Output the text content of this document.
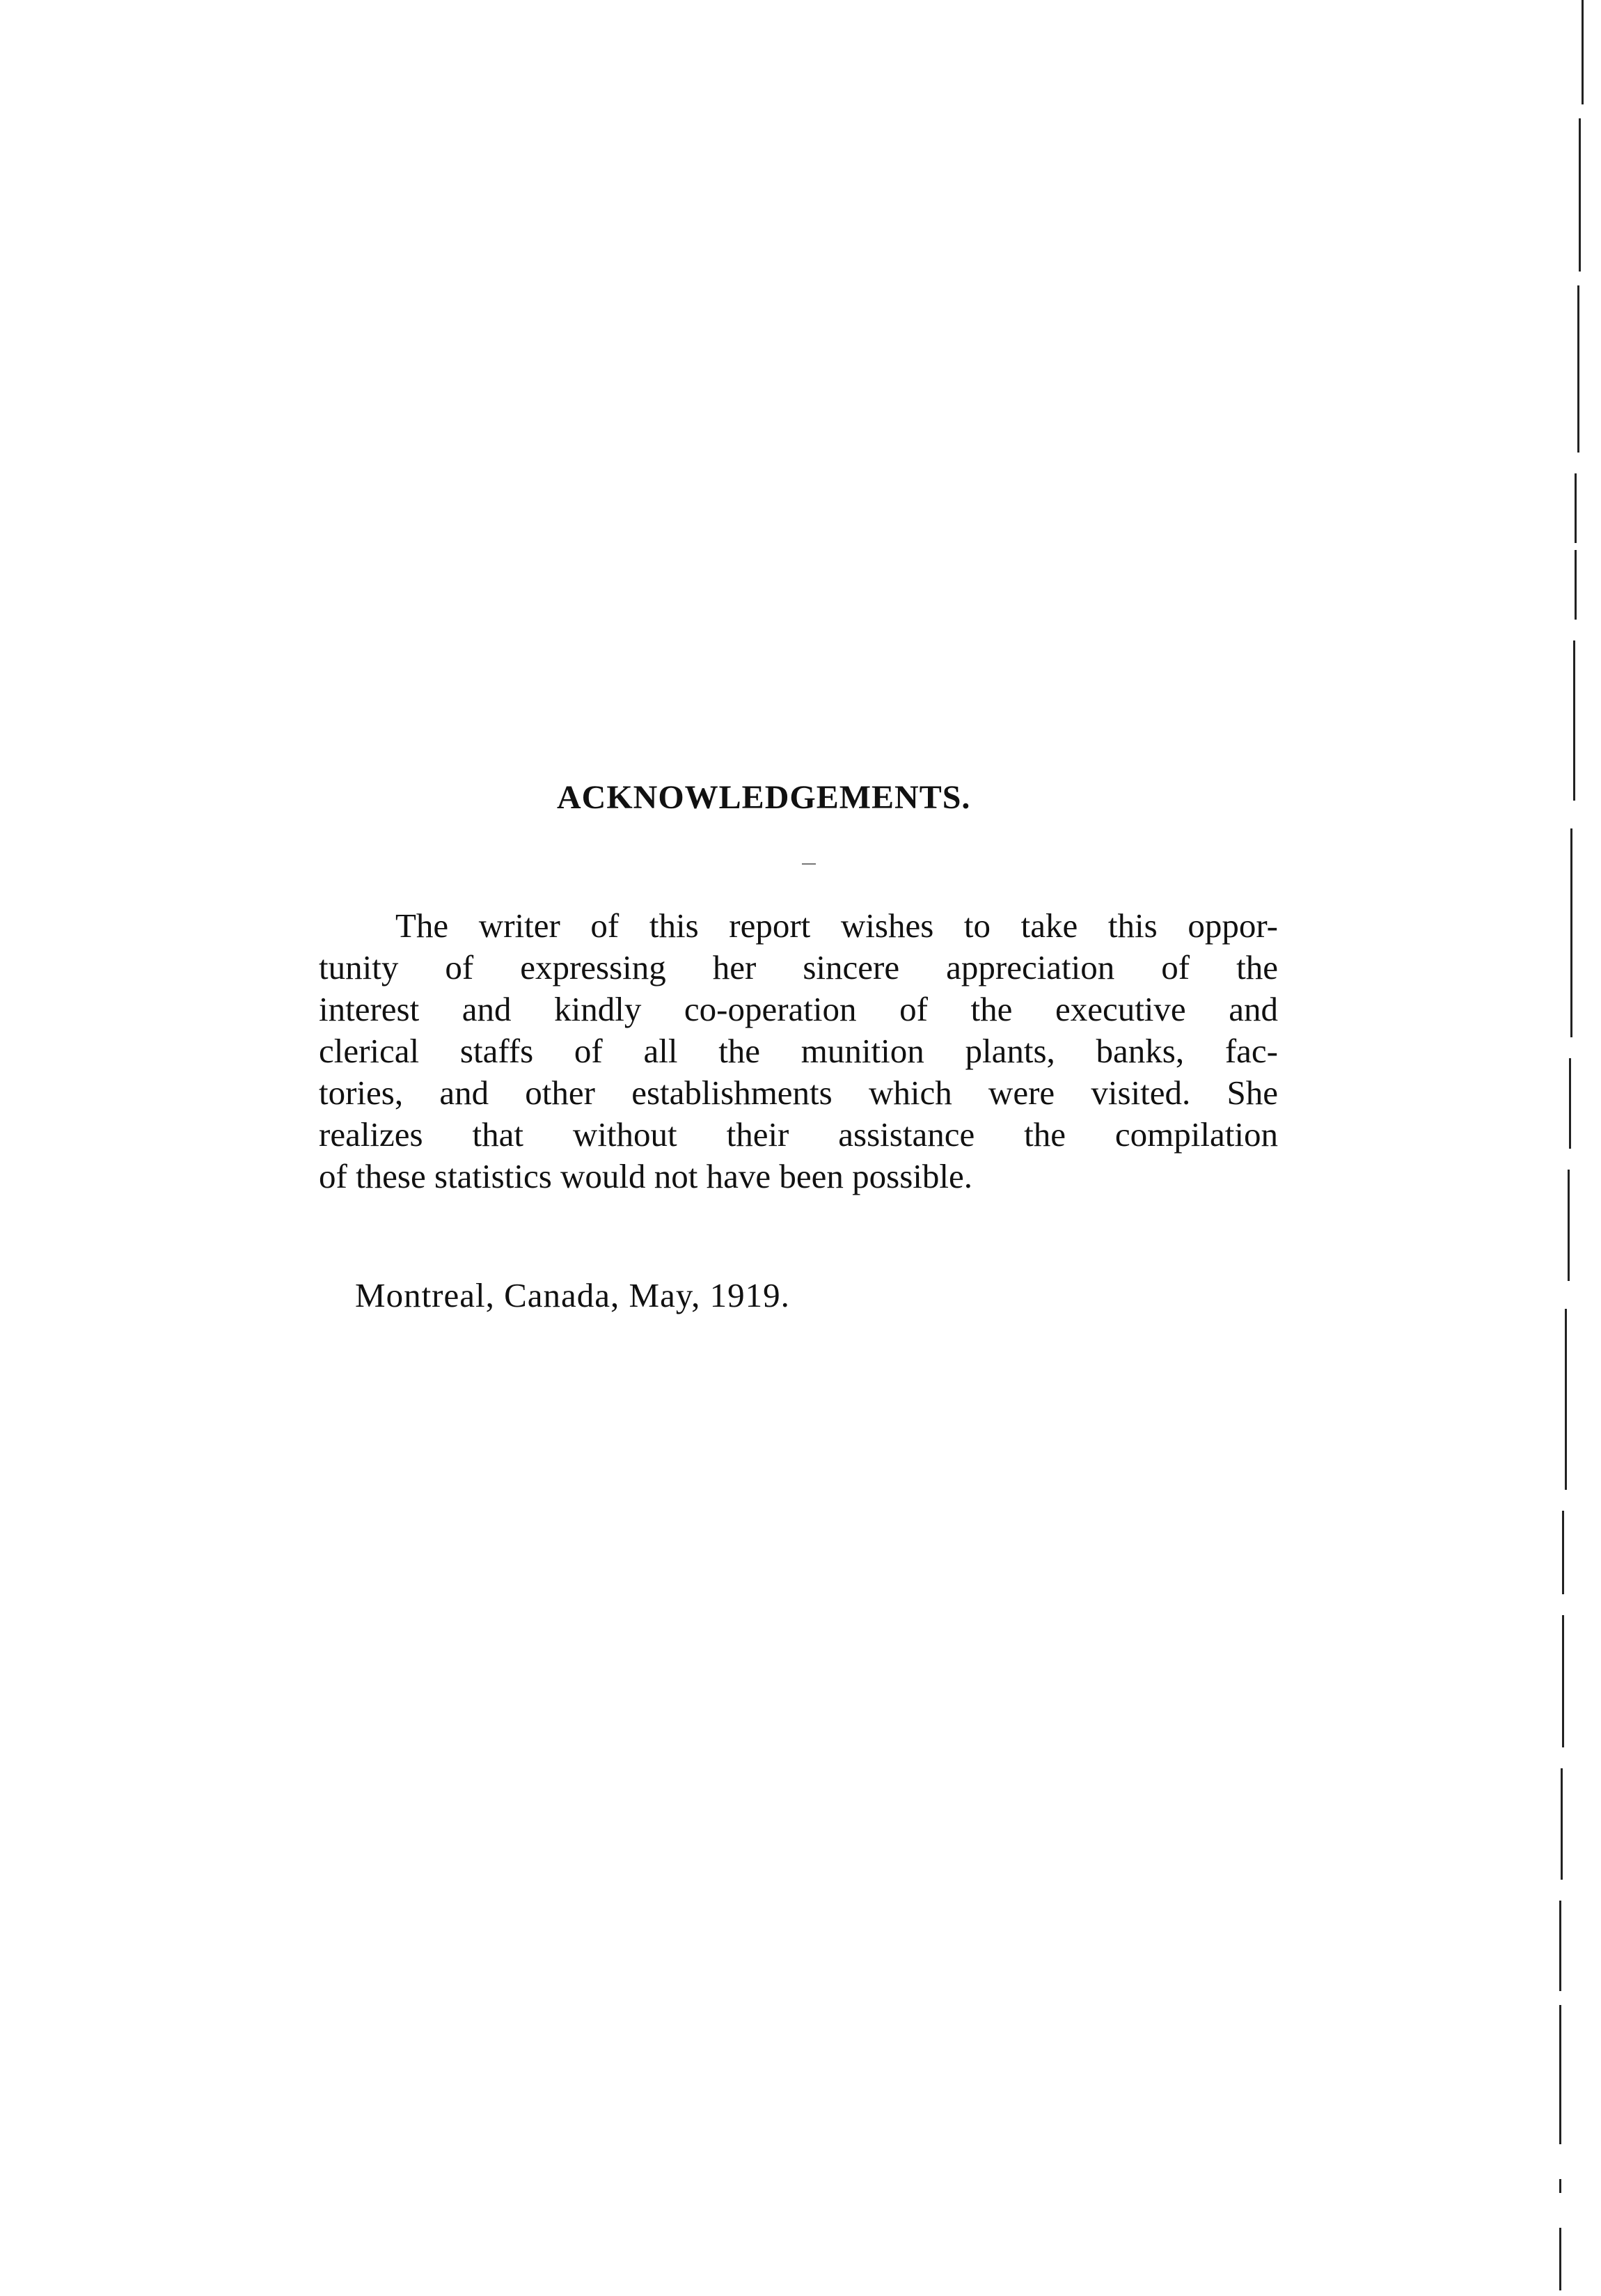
ACKNOWLEDGEMENTS.
The writer of this report wishes to take this oppor-
tunity of expressing her sincere appreciation of the
interest and kindly co-operation of the executive and
clerical staffs of all the munition plants, banks, fac-
tories, and other establishments which were visited. She
realizes that without their assistance the compilation
of these statistics would not have been possible.
Montreal, Canada, May, 1919.
